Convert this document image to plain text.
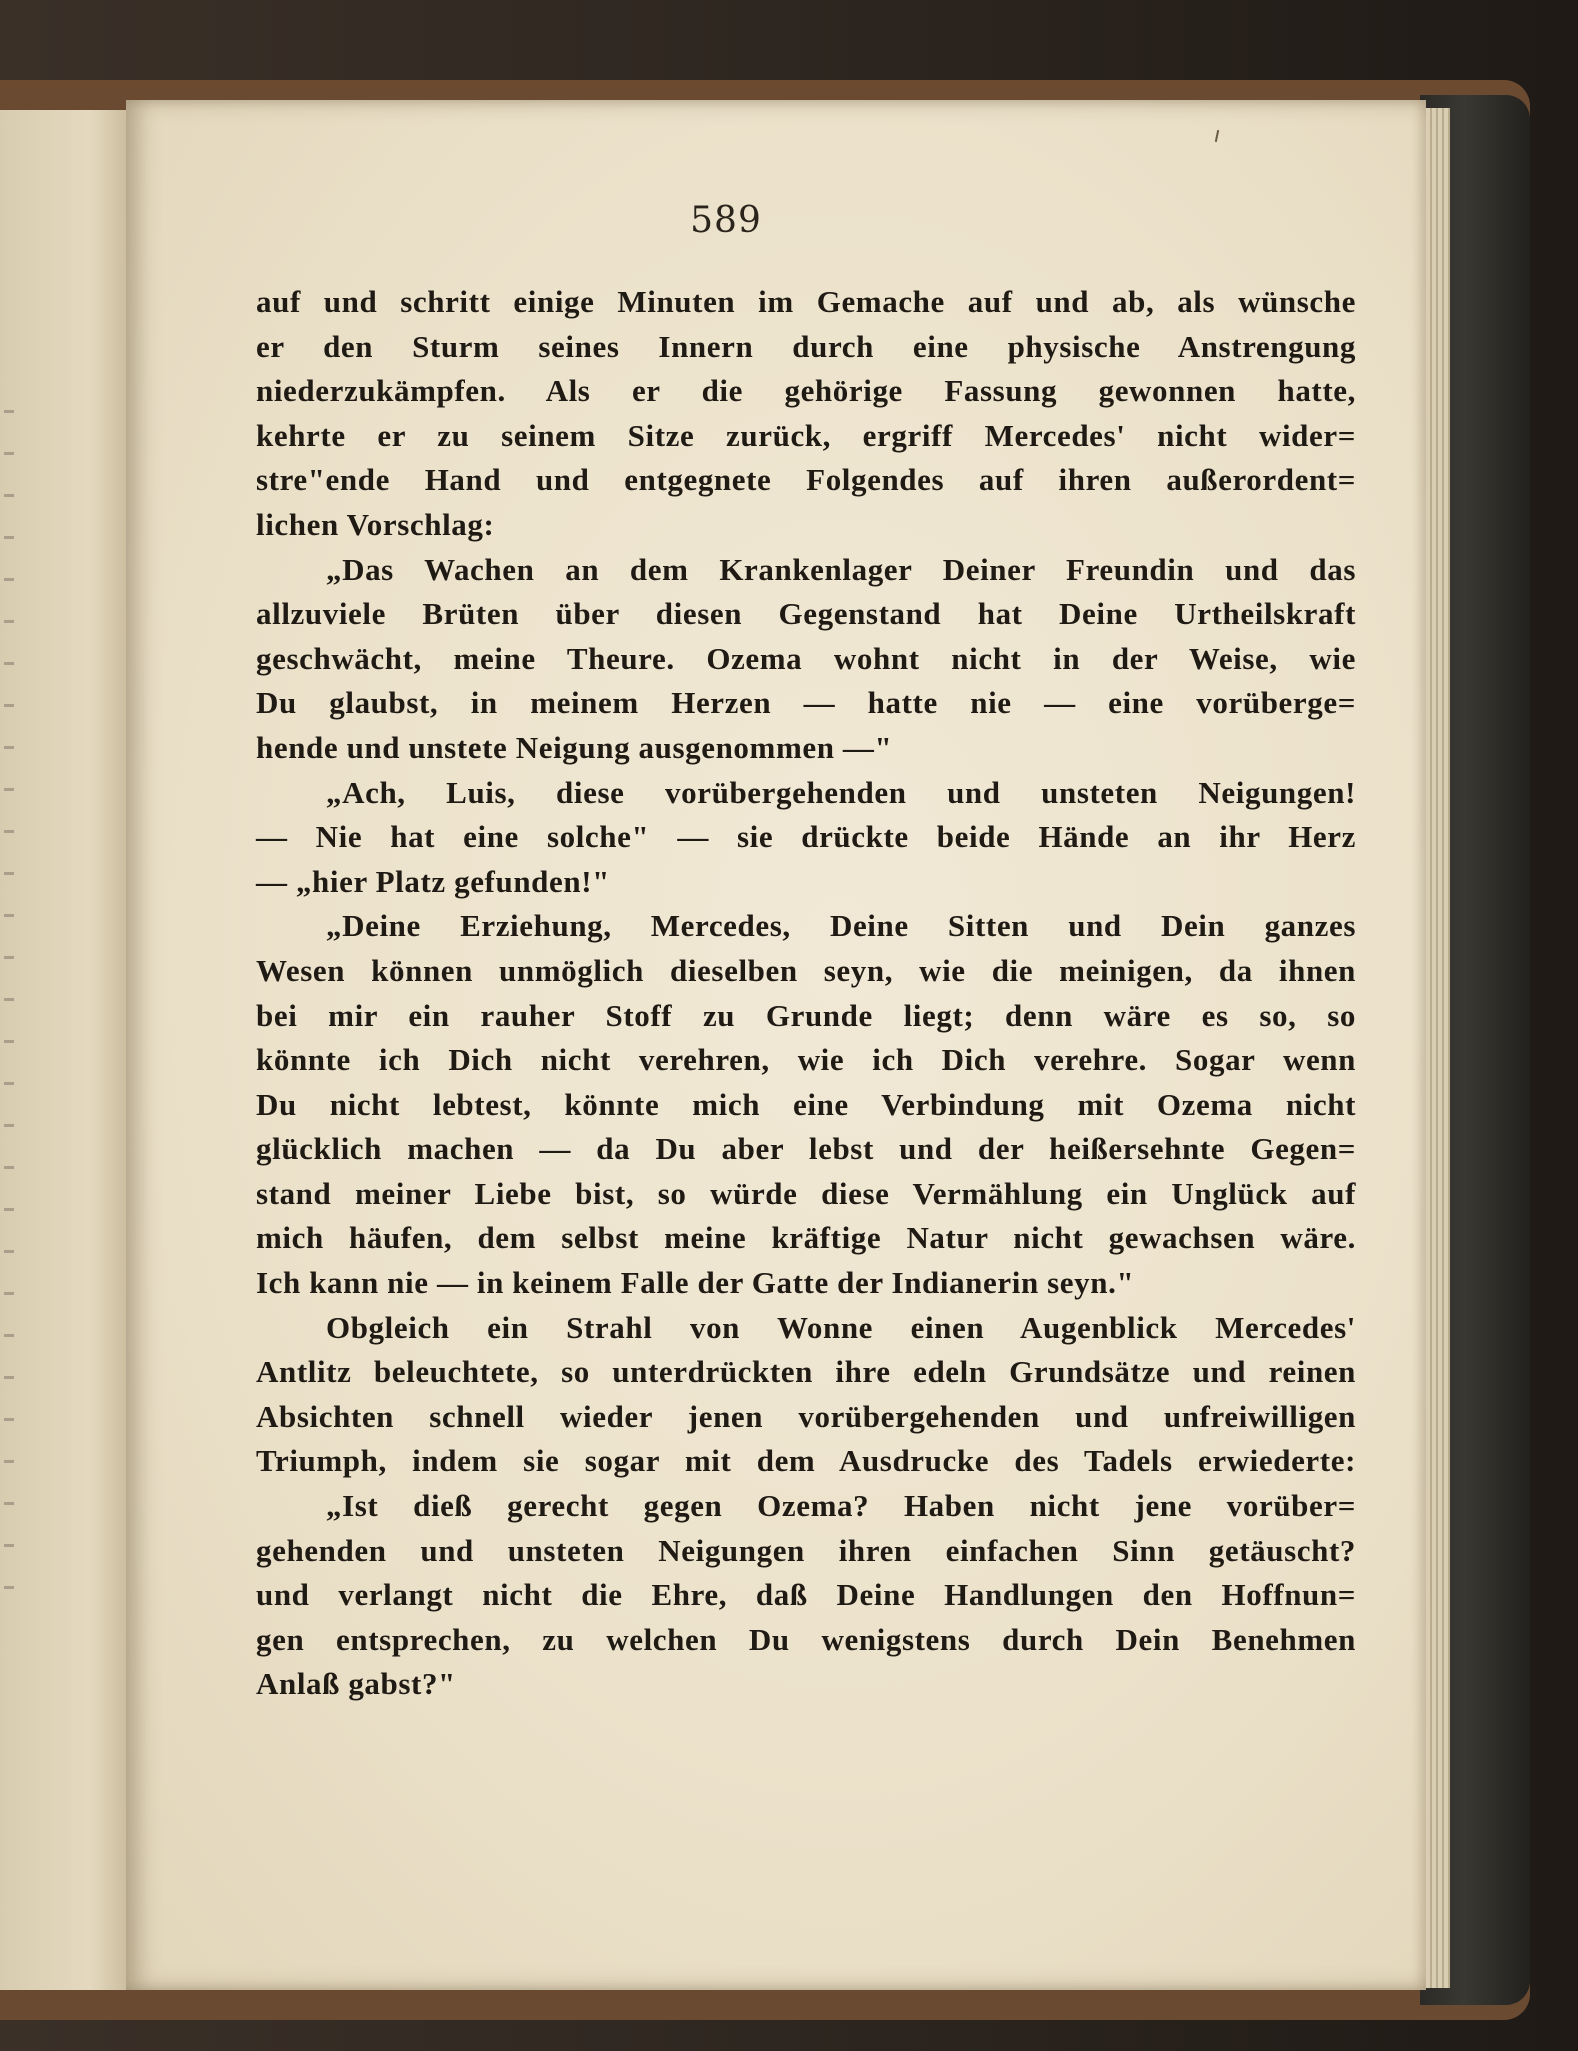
589
auf und schritt einige Minuten im Gemache auf und ab, als wünsche
er den Sturm seines Innern durch eine physische Anstrengung
niederzukämpfen. Als er die gehörige Fassung gewonnen hatte,
kehrte er zu seinem Sitze zurück, ergriff Mercedes' nicht wider=
stre"ende Hand und entgegnete Folgendes auf ihren außerordent=
lichen Vorschlag:
„Das Wachen an dem Krankenlager Deiner Freundin und das
allzuviele Brüten über diesen Gegenstand hat Deine Urtheilskraft
geschwächt, meine Theure. Ozema wohnt nicht in der Weise, wie
Du glaubst, in meinem Herzen — hatte nie — eine vorüberge=
hende und unstete Neigung ausgenommen —"
„Ach, Luis, diese vorübergehenden und unsteten Neigungen!
— Nie hat eine solche" — sie drückte beide Hände an ihr Herz
— „hier Platz gefunden!"
„Deine Erziehung, Mercedes, Deine Sitten und Dein ganzes
Wesen können unmöglich dieselben seyn, wie die meinigen, da ihnen
bei mir ein rauher Stoff zu Grunde liegt; denn wäre es so, so
könnte ich Dich nicht verehren, wie ich Dich verehre. Sogar wenn
Du nicht lebtest, könnte mich eine Verbindung mit Ozema nicht
glücklich machen — da Du aber lebst und der heißersehnte Gegen=
stand meiner Liebe bist, so würde diese Vermählung ein Unglück auf
mich häufen, dem selbst meine kräftige Natur nicht gewachsen wäre.
Ich kann nie — in keinem Falle der Gatte der Indianerin seyn."
Obgleich ein Strahl von Wonne einen Augenblick Mercedes'
Antlitz beleuchtete, so unterdrückten ihre edeln Grundsätze und reinen
Absichten schnell wieder jenen vorübergehenden und unfreiwilligen
Triumph, indem sie sogar mit dem Ausdrucke des Tadels erwiederte:
„Ist dieß gerecht gegen Ozema? Haben nicht jene vorüber=
gehenden und unsteten Neigungen ihren einfachen Sinn getäuscht?
und verlangt nicht die Ehre, daß Deine Handlungen den Hoffnun=
gen entsprechen, zu welchen Du wenigstens durch Dein Benehmen
Anlaß gabst?"
